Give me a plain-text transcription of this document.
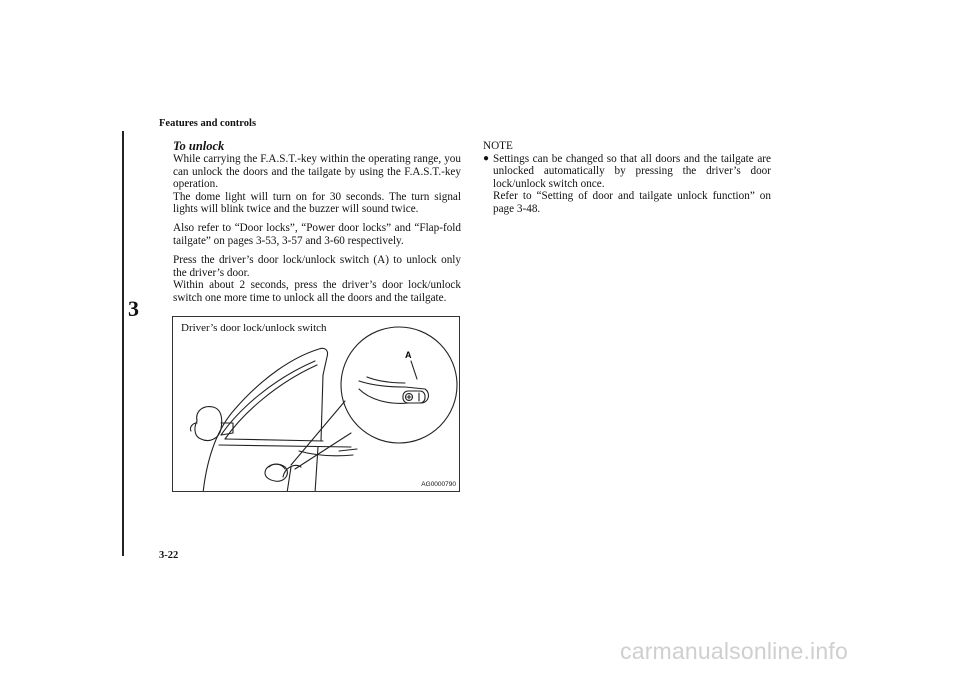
Features and controls
3
To unlock

While carrying the F.A.S.T.-key within the operating range, you can unlock the doors and the tailgate by using the F.A.S.T.-key operation.

The dome light will turn on for 30 seconds. The turn signal lights will blink twice and the buzzer will sound twice.

Also refer to “Door locks”, “Power door locks” and “Flap-fold tailgate” on pages 3-53, 3-57 and 3-60 respectively.

Press the driver’s door lock/unlock switch (A) to unlock only the driver’s door.

Within about 2 seconds, press the driver’s door lock/unlock switch one more time to unlock all the doors and the tailgate.

Driver’s door lock/unlock switch
A
AG0000790
NOTE
● Settings can be changed so that all doors and the tailgate are unlocked automatically by pressing the driver’s door lock/unlock switch once.
Refer to “Setting of door and tailgate unlock function” on page 3-48.
3-22
carmanualsonline.info
